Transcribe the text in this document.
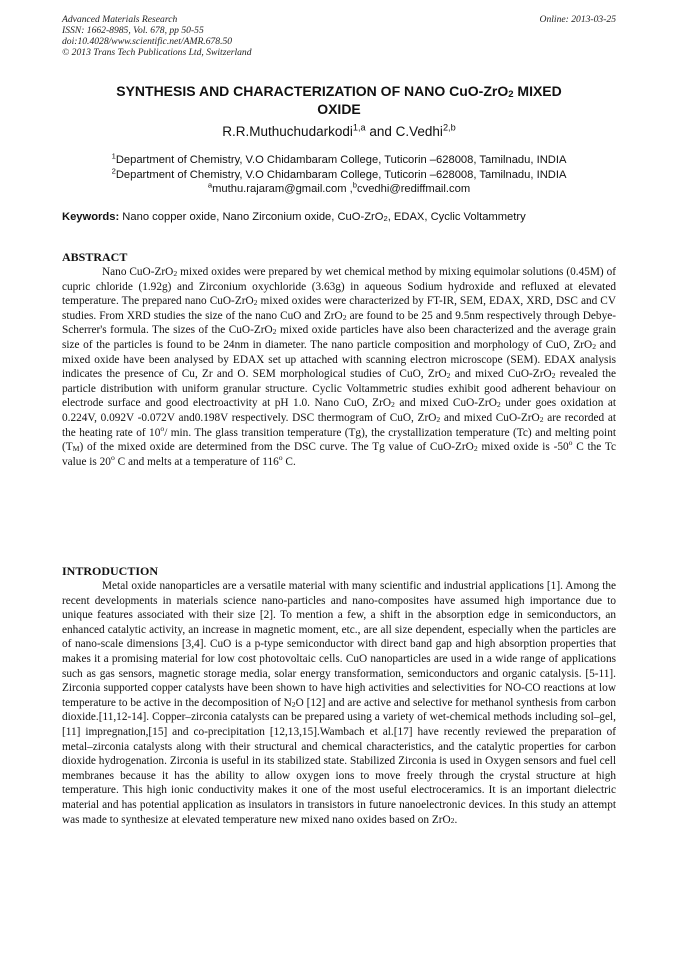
Advanced Materials Research
ISSN: 1662-8985, Vol. 678, pp 50-55
doi:10.4028/www.scientific.net/AMR.678.50
© 2013 Trans Tech Publications Ltd, Switzerland
Online: 2013-03-25
SYNTHESIS AND CHARACTERIZATION OF NANO CuO-ZrO$_2$ MIXED
OXIDE
R.R.Muthuchudarkodi$^{1,a}$ and C.Vedhi$^{2,b}$
$^1$Department of Chemistry, V.O Chidambaram College, Tuticorin –628008, Tamilnadu, INDIA
$^2$Department of Chemistry, V.O Chidambaram College, Tuticorin –628008, Tamilnadu, INDIA
$^a$muthu.rajaram@gmail.com ,$^b$cvedhi@rediffmail.com
Keywords: Nano copper oxide, Nano Zirconium oxide, CuO-ZrO$_2$, EDAX, Cyclic Voltammetry
ABSTRACT

Nano CuO-ZrO$_2$ mixed oxides were prepared by wet chemical method by mixing equimolar solutions (0.45M) of cupric chloride (1.92g) and Zirconium oxychloride (3.63g) in aqueous Sodium hydroxide and refluxed at elevated temperature. The prepared nano CuO-ZrO$_2$ mixed oxides were characterized by FT-IR, SEM, EDAX, XRD, DSC and CV studies. From XRD studies the size of the nano CuO and ZrO$_2$ are found to be 25 and 9.5nm respectively through Debye-Scherrer's formula. The sizes of the CuO-ZrO$_2$ mixed oxide particles have also been characterized and the average grain size of the particles is found to be 24nm in diameter. The nano particle composition and morphology of CuO, ZrO$_2$ and mixed oxide have been analysed by EDAX set up attached with scanning electron microscope (SEM). EDAX analysis indicates the presence of Cu, Zr and O. SEM morphological studies of CuO, ZrO$_2$ and mixed CuO-ZrO$_2$ revealed the particle distribution with uniform granular structure. Cyclic Voltammetric studies exhibit good adherent behaviour on electrode surface and good electroactivity at pH 1.0. Nano CuO, ZrO$_2$ and mixed CuO-ZrO$_2$ under goes oxidation at 0.224V, 0.092V -0.072V and0.198V respectively. DSC thermogram of CuO, ZrO$_2$ and mixed CuO-ZrO$_2$ are recorded at the heating rate of 10$^o$/ min. The glass transition temperature (Tg), the crystallization temperature (Tc) and melting point $(T_M)$ of the mixed oxide are determined from the DSC curve. The Tg value of CuO-ZrO$_2$ mixed oxide is -50$^o$ C the Tc value is 20$^o$ C and melts at a temperature of 116$^o$ C.

INTRODUCTION

Metal oxide nanoparticles are a versatile material with many scientific and industrial applications [1]. Among the recent developments in materials science nano-particles and nano-composites have assumed high importance due to unique features associated with their size [2]. To mention a few, a shift in the absorption edge in semiconductors, an enhanced catalytic activity, an increase in magnetic moment, etc., are all size dependent, especially when the particles are of nano-scale dimensions [3,4]. CuO is a p-type semiconductor with direct band gap and high absorption properties that makes it a promising material for low cost photovoltaic cells. CuO nanoparticles are used in a wide range of applications such as gas sensors, magnetic storage media, solar energy transformation, semiconductors and organic catalysis. [5-11]. Zirconia supported copper catalysts have been shown to have high activities and selectivities for NO-CO reactions at low temperature to be active in the decomposition of $N_2O$ [12] and are active and selective for methanol synthesis from carbon dioxide.[11,12-14]. Copper–zirconia catalysts can be prepared using a variety of wet-chemical methods including sol–gel,[11] impregnation,[15] and co-precipitation [12,13,15].Wambach et al.[17] have recently reviewed the preparation of metal–zirconia catalysts along with their structural and chemical characteristics, and the catalytic properties for carbon dioxide hydrogenation. Zirconia is useful in its stabilized state. Stabilized Zirconia is used in Oxygen sensors and fuel cell membranes because it has the ability to allow oxygen ions to move freely through the crystal structure at high temperature. This high ionic conductivity makes it one of the most useful electroceramics. It is an important dielectric material and has potential application as insulators in transistors in future nanoelectronic devices. In this study an attempt was made to synthesize at elevated temperature new mixed nano oxides based on ZrO$_2$.
